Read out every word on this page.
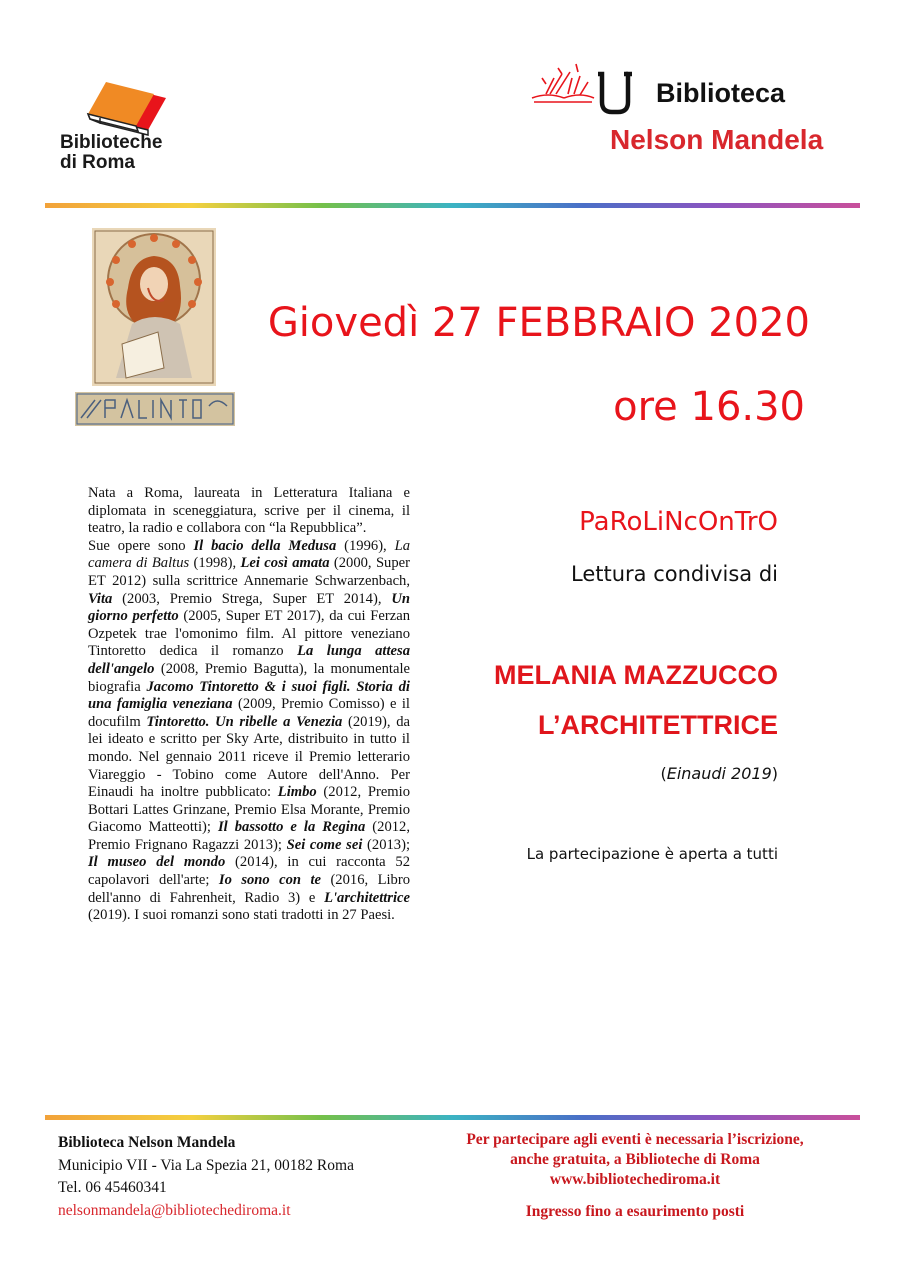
Biblioteche
di Roma
Biblioteca
Nelson Mandela
Giovedì 27 FEBBRAIO 2020
ore 16.30

Nata a Roma, laureata in Letteratura Italiana e diplomata in sceneggiatura, scrive per il cinema, il teatro, la radio e collabora con “la Repubblica”.

Sue opere sono Il bacio della Medusa (1996), La camera di Baltus (1998), Lei così amata (2000, Super ET 2012) sulla scrittrice Annemarie Schwarzenbach, Vita (2003, Premio Strega, Super ET 2014), Un giorno perfetto (2005, Super ET 2017), da cui Ferzan Ozpetek trae l'omonimo film. Al pittore veneziano Tintoretto dedica il romanzo La lunga attesa dell'angelo (2008, Premio Bagutta), la monumentale biografia Jacomo Tintoretto & i suoi figli. Storia di una famiglia veneziana (2009, Premio Comisso) e il docufilm Tintoretto. Un ribelle a Venezia (2019), da lei ideato e scritto per Sky Arte, distribuito in tutto il mondo. Nel gennaio 2011 riceve il Premio letterario Viareggio - Tobino come Autore dell'Anno. Per Einaudi ha inoltre pubblicato: Limbo (2012, Premio Bottari Lattes Grinzane, Premio Elsa Morante, Premio Giacomo Matteotti); Il bassotto e la Regina (2012, Premio Frignano Ragazzi 2013); Sei come sei (2013); Il museo del mondo (2014), in cui racconta 52 capolavori dell'arte; Io sono con te (2016, Libro dell'anno di Fahrenheit, Radio 3) e L'architettrice (2019). I suoi romanzi sono stati tradotti in 27 Paesi.

PaRoLiNcOnTrO
Lettura condivisa di
MELANIA MAZZUCCO
L’ARCHITETTRICE
(Einaudi 2019)
La partecipazione è aperta a tutti
Biblioteca Nelson Mandela
Municipio VII - Via La Spezia 21, 00182 Roma
Tel. 06 45460341
nelsonmandela@bibliotechediroma.it
Per partecipare agli eventi è necessaria l’iscrizione,
anche gratuita, a Biblioteche di Roma
www.bibliotechediroma.it
Ingresso fino a esaurimento posti
